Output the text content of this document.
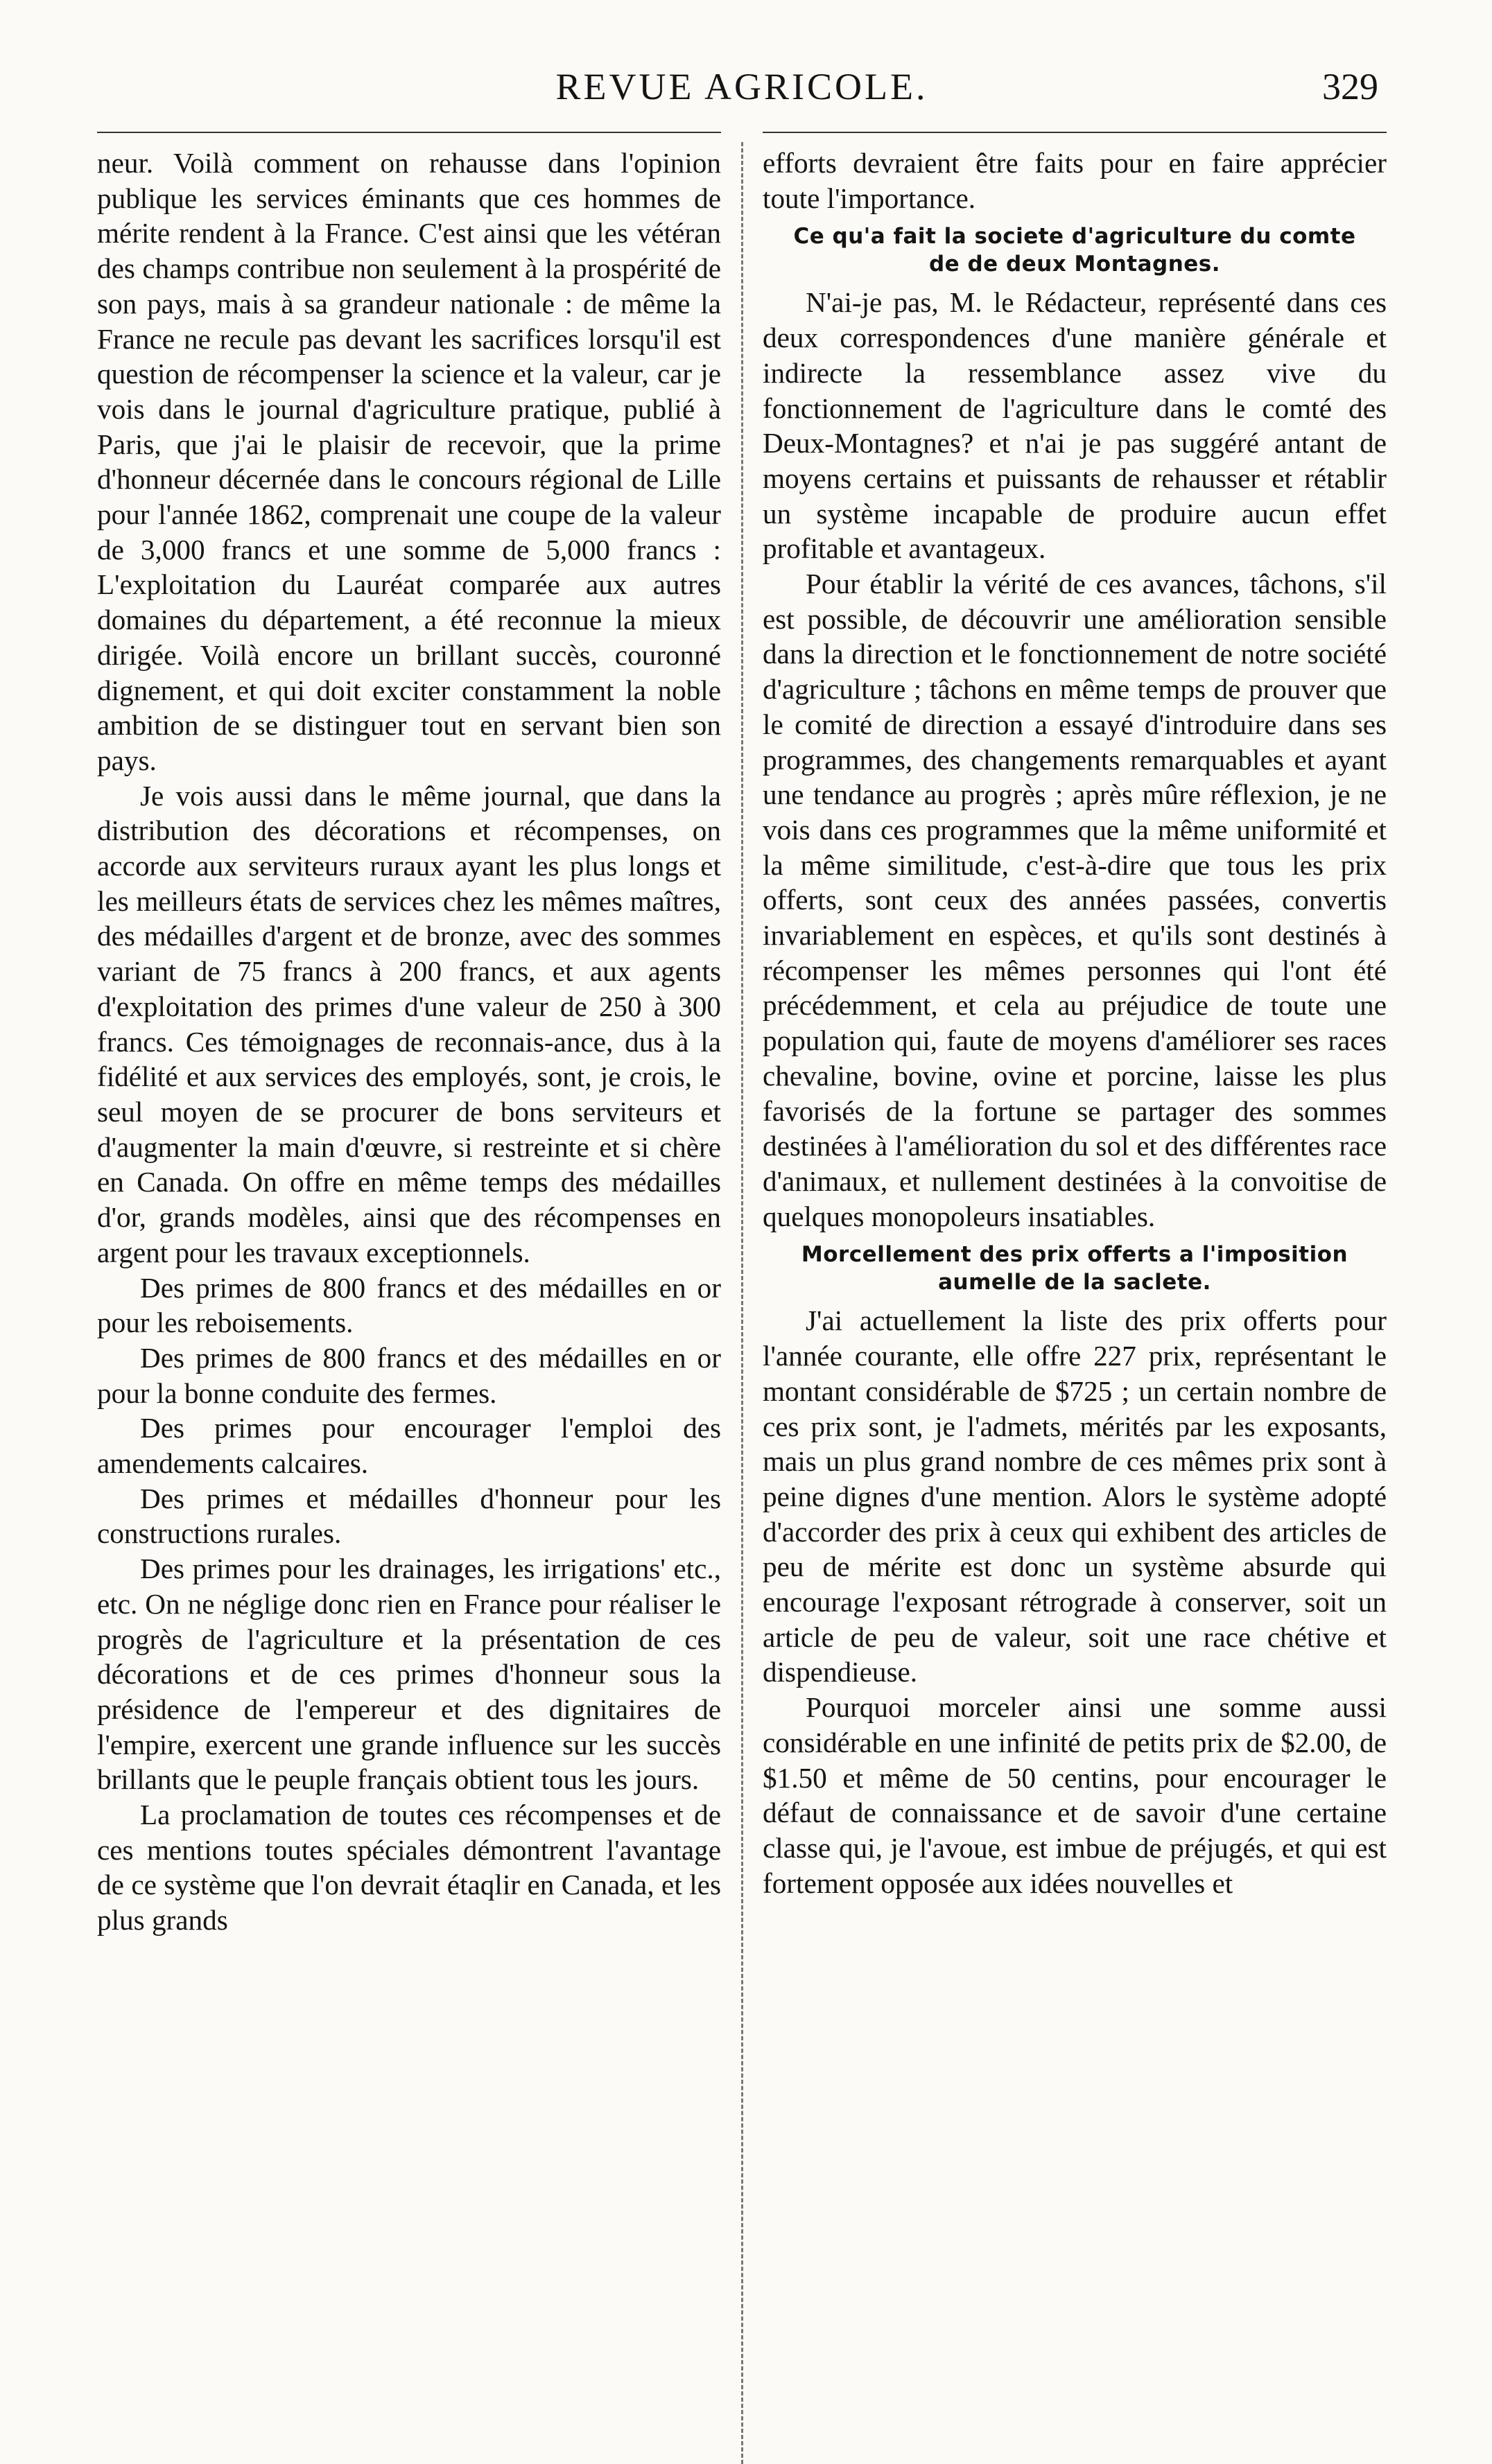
REVUE AGRICOLE.	329

neur. Voilà comment on rehausse dans l'opinion publique les services éminants que ces hommes de mérite rendent à la France. C'est ainsi que les vétéran des champs contribue non seulement à la prospérité de son pays, mais à sa grandeur nationale : de même la France ne recule pas devant les sacrifices lorsqu'il est question de récompenser la science et la valeur, car je vois dans le journal d'agriculture pratique, publié à Paris, que j'ai le plaisir de recevoir, que la prime d'honneur décernée dans le concours régional de Lille pour l'année 1862, comprenait une coupe de la valeur de 3,000 francs et une somme de 5,000 francs : L'exploitation du Lauréat comparée aux autres domaines du département, a été reconnue la mieux dirigée. Voilà encore un brillant succès, couronné dignement, et qui doit exciter constamment la noble ambition de se distinguer tout en servant bien son pays.

Je vois aussi dans le même journal, que dans la distribution des décorations et récompenses, on accorde aux serviteurs ruraux ayant les plus longs et les meilleurs états de services chez les mêmes maîtres, des médailles d'argent et de bronze, avec des sommes variant de 75 francs à 200 francs, et aux agents d'exploitation des primes d'une valeur de 250 à 300 francs. Ces témoignages de reconnais-ance, dus à la fidélité et aux services des employés, sont, je crois, le seul moyen de se procurer de bons serviteurs et d'augmenter la main d'œuvre, si restreinte et si chère en Canada. On offre en même temps des médailles d'or, grands modèles, ainsi que des récompenses en argent pour les travaux exceptionnels.

Des primes de 800 francs et des médailles en or pour les reboisements.

Des primes de 800 francs et des médailles en or pour la bonne conduite des fermes.

Des primes pour encourager l'emploi des amendements calcaires.

Des primes et médailles d'honneur pour les constructions rurales.

Des primes pour les drainages, les irrigations' etc., etc. On ne néglige donc rien en France pour réaliser le progrès de l'agriculture et la présentation de ces décorations et de ces primes d'honneur sous la présidence de l'empereur et des dignitaires de l'empire, exercent une grande influence sur les succès brillants que le peuple français obtient tous les jours.

La proclamation de toutes ces récompenses et de ces mentions toutes spéciales démontrent l'avantage de ce système que l'on devrait étaqlir en Canada, et les plus grands

efforts devraient être faits pour en faire apprécier toute l'importance.

Ce qu'a fait la societe d'agriculture du comte de de deux Montagnes.

N'ai-je pas, M. le Rédacteur, représenté dans ces deux correspondences d'une manière générale et indirecte la ressemblance assez vive du fonctionnement de l'agriculture dans le comté des Deux-Montagnes? et n'ai je pas suggéré antant de moyens certains et puissants de rehausser et rétablir un système incapable de produire aucun effet profitable et avantageux.

Pour établir la vérité de ces avances, tâchons, s'il est possible, de découvrir une amélioration sensible dans la direction et le fonctionnement de notre société d'agriculture ; tâchons en même temps de prouver que le comité de direction a essayé d'introduire dans ses programmes, des changements remarquables et ayant une tendance au progrès ; après mûre réflexion, je ne vois dans ces programmes que la même uniformité et la même similitude, c'est-à-dire que tous les prix offerts, sont ceux des années passées, convertis invariablement en espèces, et qu'ils sont destinés à récompenser les mêmes personnes qui l'ont été précédemment, et cela au préjudice de toute une population qui, faute de moyens d'améliorer ses races chevaline, bovine, ovine et porcine, laisse les plus favorisés de la fortune se partager des sommes destinées à l'amélioration du sol et des différentes race d'animaux, et nullement destinées à la convoitise de quelques monopoleurs insatiables.

Morcellement des prix offerts a l'imposition aumelle de la saclete.

J'ai actuellement la liste des prix offerts pour l'année courante, elle offre 227 prix, représentant le montant considérable de $725 ; un certain nombre de ces prix sont, je l'admets, mérités par les exposants, mais un plus grand nombre de ces mêmes prix sont à peine dignes d'une mention. Alors le système adopté d'accorder des prix à ceux qui exhibent des articles de peu de mérite est donc un système absurde qui encourage l'exposant rétrograde à conserver, soit un article de peu de valeur, soit une race chétive et dispendieuse.

Pourquoi morceler ainsi une somme aussi considérable en une infinité de petits prix de $2.00, de $1.50 et même de 50 centins, pour encourager le défaut de connaissance et de savoir d'une certaine classe qui, je l'avoue, est imbue de préjugés, et qui est fortement opposée aux idées nouvelles et
